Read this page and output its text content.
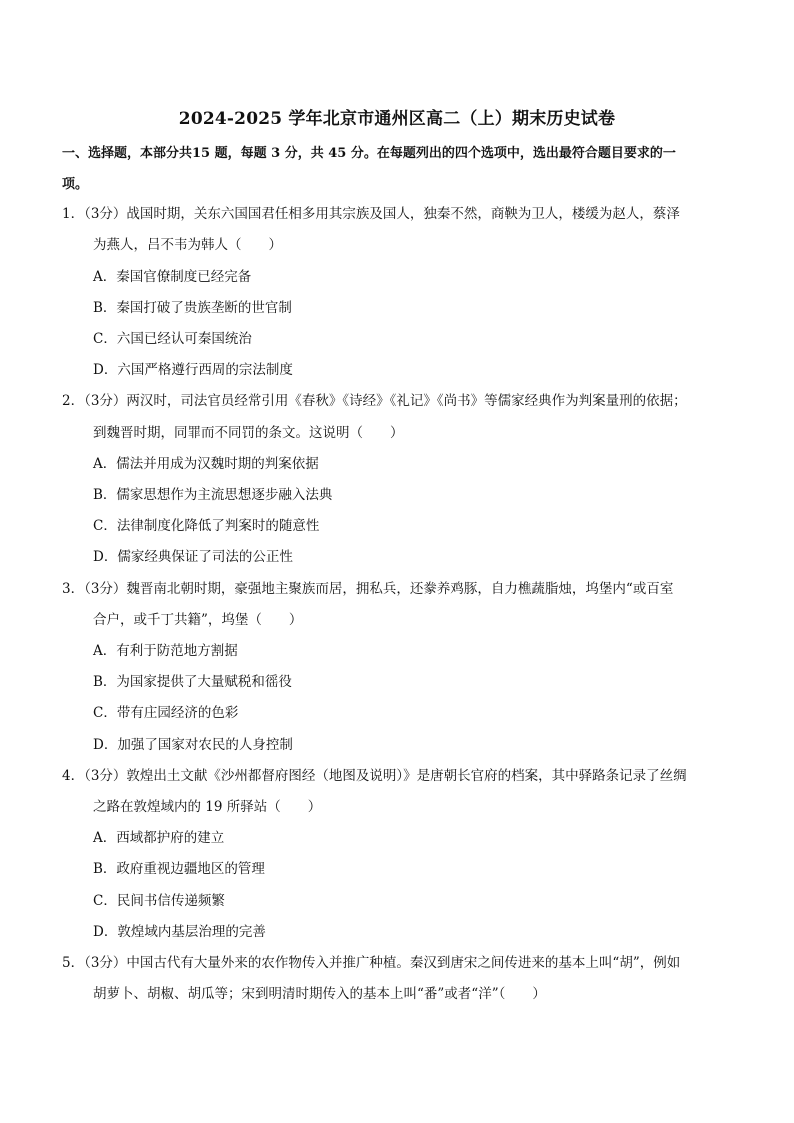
2024-2025 学年北京市通州区高二（上）期末历史试卷
一、选择题，本部分共15 题，每题 3 分，共 45 分。在每题列出的四个选项中，选出最符合题目要求的一
项。
1．（3分）战国时期，关东六国国君任相多用其宗族及国人，独秦不然，商鞅为卫人，楼缓为赵人，蔡泽
为燕人，吕不韦为韩人（　　）
A．秦国官僚制度已经完备
B．秦国打破了贵族垄断的世官制
C．六国已经认可秦国统治
D．六国严格遵行西周的宗法制度
2．（3分）两汉时，司法官员经常引用《春秋》《诗经》《礼记》《尚书》等儒家经典作为判案量刑的依据；
到魏晋时期，同罪而不同罚的条文。这说明（　　）
A．儒法并用成为汉魏时期的判案依据
B．儒家思想作为主流思想逐步融入法典
C．法律制度化降低了判案时的随意性
D．儒家经典保证了司法的公正性
3．（3分）魏晋南北朝时期，豪强地主聚族而居，拥私兵，还豢养鸡豚，自力樵蔬脂烛，坞堡内“或百室
合户，或千丁共籍”，坞堡（　　）
A．有利于防范地方割据
B．为国家提供了大量赋税和徭役
C．带有庄园经济的色彩
D．加强了国家对农民的人身控制
4．（3分）敦煌出土文献《沙州都督府图经（地图及说明）》是唐朝长官府的档案，其中驿路条记录了丝绸
之路在敦煌域内的 19 所驿站（　　）
A．西域都护府的建立
B．政府重视边疆地区的管理
C．民间书信传递频繁
D．敦煌域内基层治理的完善
5．（3分）中国古代有大量外来的农作物传入并推广种植。秦汉到唐宋之间传进来的基本上叫“胡”，例如
胡萝卜、胡椒、胡瓜等；宋到明清时期传入的基本上叫“番”或者“洋”（　　）
